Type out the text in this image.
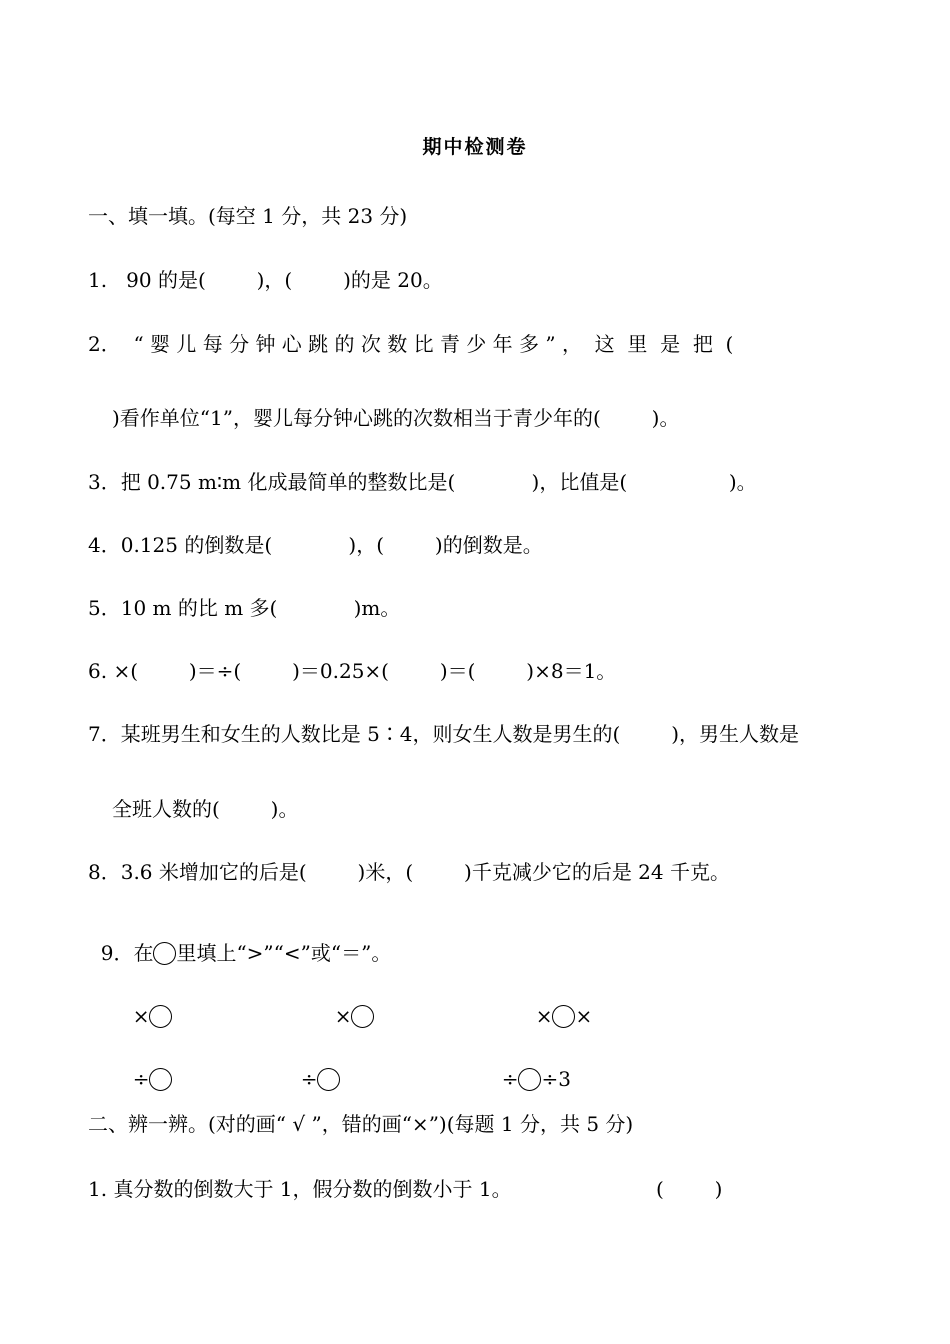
期中检测卷
一、填一填。(每空 1 分，共 23 分)
1.   90 的是(        )，(        )的是 20。
2．  “ 婴 儿 每 分 钟 心 跳 的 次 数 比 青 少 年 多 ” ，  这  里  是  把  (
)看作单位“1”，婴儿每分钟心跳的次数相当于青少年的(        )。
3．把 0.75 m∶m 化成最简单的整数比是(            )，比值是(                )。
4．0.125 的倒数是(            )，(        )的倒数是。
5．10 m 的比 m 多(            )m。
6. ×(        )＝÷(        )＝0.25×(        )＝(        )×8＝1。
7．某班男生和女生的人数比是 5∶4，则女生人数是男生的(        )，男生人数是
全班人数的(        )。
8．3.6 米增加它的后是(        )米，(        )千克减少它的后是 24 千克。

9．在 里填上“>”“<”或“＝”。

×	×	× ×

÷	÷	÷ ÷3

二、辨一辨。(对的画“ √ ”，错的画“×”)(每题 1 分，共 5 分)
1. 真分数的倒数大于 1，假分数的倒数小于 1。	(        )
